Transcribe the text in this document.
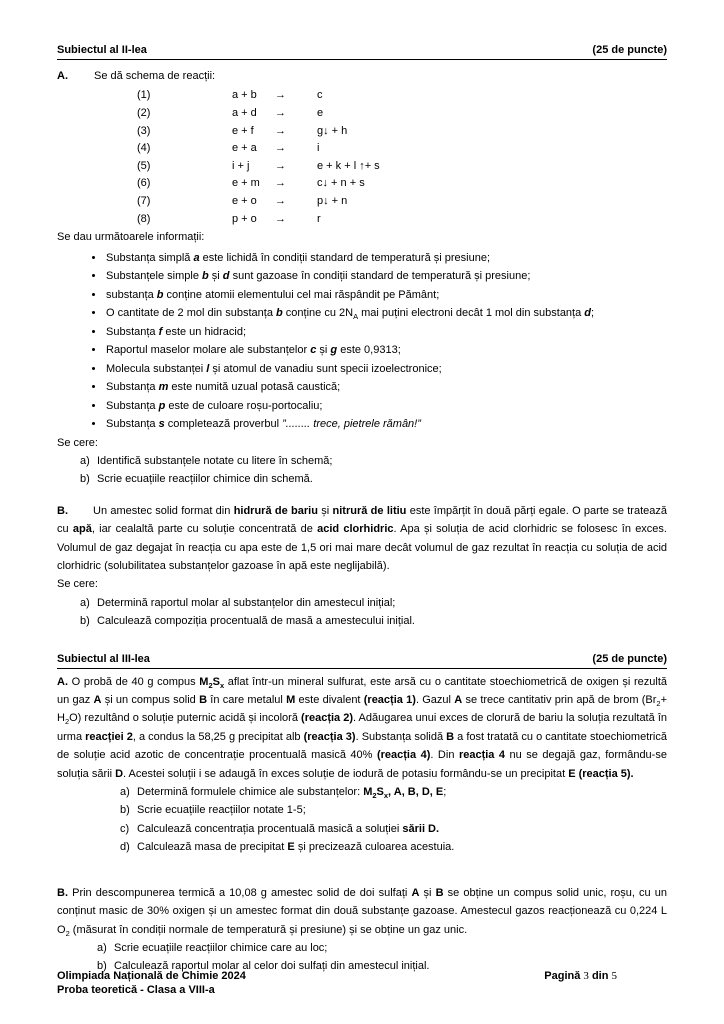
Subiectul al II-lea	(25 de puncte)
A. Se dă schema de reacții:
(1)	a + b	→	c
(2)	a + d	→	e
(3)	e + f	→	g↓ + h
(4)	e + a	→	i
(5)	i + j	→	e + k + l ↑+ s
(6)	e + m	→	c↓ + n + s
(7)	e + o	→	p↓ + n
(8)	p + o	→	r
Se dau următoarele informații:
• Substanța simplă a este lichidă în condiții standard de temperatură și presiune;
• Substanțele simple b și d sunt gazoase în condiții standard de temperatură și presiune;
• substanța b conține atomii elementului cel mai răspândit pe Pământ;
• O cantitate de 2 mol din substanța b conține cu $2N_A$ mai puțini electroni decât 1 mol din substanța d;
• Substanța f este un hidracid;
• Raportul maselor molare ale substanțelor c și g este 0,9313;
• Molecula substanței l și atomul de vanadiu sunt specii izoelectronice;
• Substanța m este numită uzual potasă caustică;
• Substanța p este de culoare roșu-portocaliu;
• Substanța s completează proverbul ”........ trece, pietrele rămân!”
Se cere:
a) Identifică substanțele notate cu litere în schemă;
b) Scrie ecuațiile reacțiilor chimice din schemă.

B. Un amestec solid format din hidrură de bariu și nitrură de litiu este împărțit în două părți egale. O parte se tratează cu apă, iar cealaltă parte cu soluție concentrată de acid clorhidric. Apa și soluția de acid clorhidric se folosesc în exces. Volumul de gaz degajat în reacția cu apa este de 1,5 ori mai mare decât volumul de gaz rezultat în reacția cu soluția de acid clorhidric (solubilitatea substanțelor gazoase în apă este neglijabilă).

Se cere:
a) Determină raportul molar al substanțelor din amestecul inițial;
b) Calculează compoziția procentuală de masă a amestecului inițial.
Subiectul al III-lea	(25 de puncte)

A. O probă de 40 g compus $M_2S_x$ aflat într-un mineral sulfurat, este arsă cu o cantitate stoechiometrică de oxigen și rezultă un gaz A și un compus solid B în care metalul M este divalent (reacția 1). Gazul A se trece cantitativ prin apă de brom $(Br_2+ H_2O)$ rezultând o soluție puternic acidă și incoloră (reacția 2). Adăugarea unui exces de clorură de bariu la soluția rezultată în urma reacției 2, a condus la 58,25 g precipitat alb (reacția 3). Substanța solidă B a fost tratată cu o cantitate stoechiometrică de soluție acid azotic de concentrație procentuală masică 40% (reacția 4). Din reacția 4 nu se degajă gaz, formându-se soluția sării D. Acestei soluții i se adaugă în exces soluție de iodură de potasiu formându-se un precipitat E (reacția 5).

a) Determină formulele chimice ale substanțelor: $M_2S_x$, A, B, D, E;
b) Scrie ecuațiile reacțiilor notate 1-5;
c) Calculează concentrația procentuală masică a soluției sării D.
d) Calculează masa de precipitat E și precizează culoarea acestuia.

B. Prin descompunerea termică a 10,08 g amestec solid de doi sulfați A și B se obține un compus solid unic, roșu, cu un conținut masic de 30% oxigen și un amestec format din două substanțe gazoase. Amestecul gazos reacționează cu 0,224 L $O_2$ (măsurat în condiții normale de temperatură și presiune) și se obține un gaz unic.

a) Scrie ecuațiile reacțiilor chimice care au loc;
b) Calculează raportul molar al celor doi sulfați din amestecul inițial.
Olimpiada Națională de Chimie 2024
Proba teoretică - Clasa a VIII-a
Pagină 3 din 5
